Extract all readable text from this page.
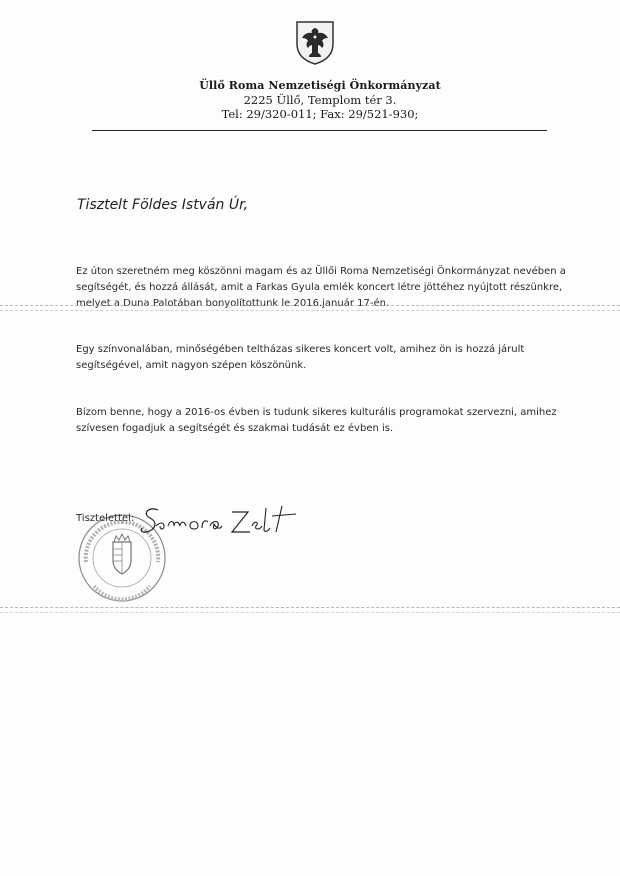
Üllő Roma Nemzetiségi Önkormányzat
2225 Üllő, Templom tér 3.
Tel: 29/320-011; Fax: 29/521-930;
Tisztelt Földes István Úr,
Ez úton szeretném meg köszönni magam és az Üllői Roma Nemzetiségi Önkormányzat nevében a
segítségét, és hozzá állását, amit a Farkas Gyula emlék koncert létre jöttéhez nyújtott részünkre,
melyet a Duna Palotában bonyolítottunk le 2016.január 17-én.
Egy színvonalában, minőségében teltházas sikeres koncert volt, amihez ön is hozzá járult
segítségével, amit nagyon szépen köszönünk.
Bízom benne, hogy a 2016-os évben is tudunk sikeres kulturális programokat szervezni, amihez
szívesen fogadjuk a segítségét és szakmai tudását ez évben is.
Tisztelettel:
